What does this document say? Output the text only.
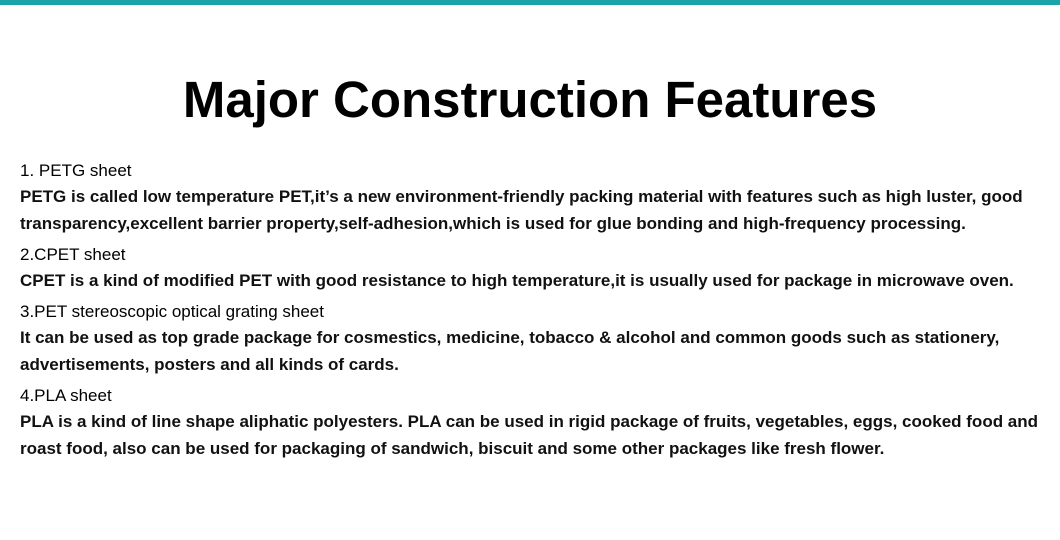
Major Construction Features

1. PETG sheet

PETG is called low temperature PET,it’s a new environment-friendly packing material with features such as high luster, good transparency,excellent barrier property,self-adhesion,which is used for glue bonding and high-frequency processing.

2.CPET sheet

CPET is a kind of modified PET with good resistance to high temperature,it is usually used for package in microwave oven.

3.PET stereoscopic optical grating sheet

It can be used as top grade package for cosmestics, medicine, tobacco & alcohol and common goods such as stationery, advertisements, posters and all kinds of cards.

4.PLA sheet

PLA is a kind of line shape aliphatic polyesters. PLA can be used in rigid package of fruits, vegetables, eggs, cooked food and roast food, also can be used for packaging of sandwich, biscuit and some other packages like fresh flower.
